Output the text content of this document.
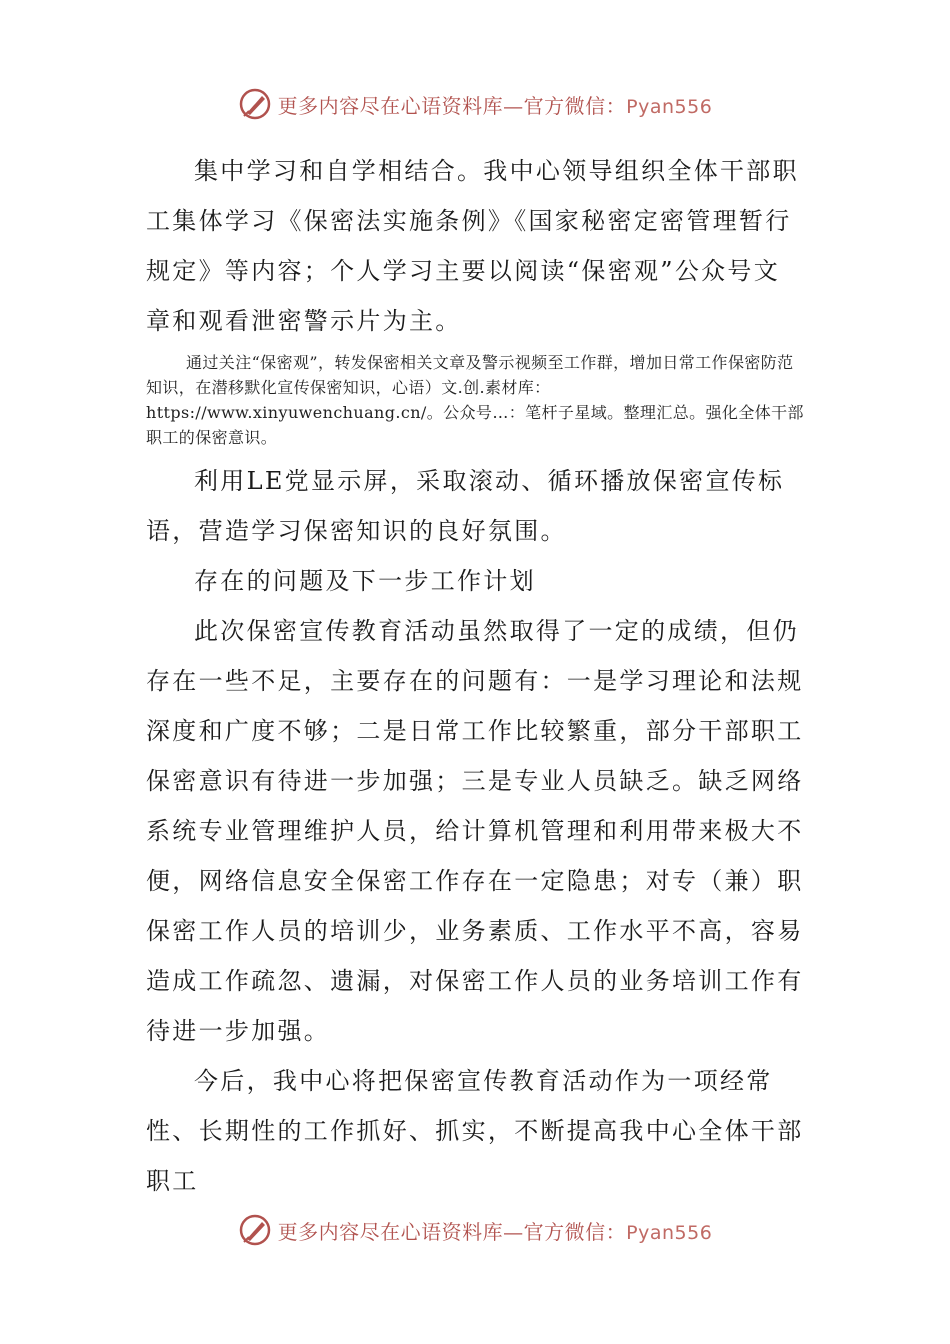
更多内容尽在心语资料库—官方微信：Pyan556

集中学习和自学相结合。我中心领导组织全体干部职工集体学习《保密法实施条例》《国家秘密定密管理暂行规定》等内容；个人学习主要以阅读“保密观”公众号文章和观看泄密警示片为主。

通过关注“保密观”，转发保密相关文章及警示视频至工作群，增加日常工作保密防范知识，在潜移默化宣传保密知识，心语）文.创.素材库：https://www.xinyuwenchuang.cn/。公众号…：笔杆子星域。整理汇总。强化全体干部职工的保密意识。

利用LE党显示屏，采取滚动、循环播放保密宣传标语，营造学习保密知识的良好氛围。

存在的问题及下一步工作计划

此次保密宣传教育活动虽然取得了一定的成绩，但仍存在一些不足，主要存在的问题有：一是学习理论和法规深度和广度不够；二是日常工作比较繁重，部分干部职工保密意识有待进一步加强；三是专业人员缺乏。缺乏网络系统专业管理维护人员，给计算机管理和利用带来极大不便，网络信息安全保密工作存在一定隐患；对专（兼）职保密工作人员的培训少，业务素质、工作水平不高，容易造成工作疏忽、遗漏，对保密工作人员的业务培训工作有待进一步加强。

今后，我中心将把保密宣传教育活动作为一项经常性、长期性的工作抓好、抓实，不断提高我中心全体干部职工

更多内容尽在心语资料库—官方微信：Pyan556
